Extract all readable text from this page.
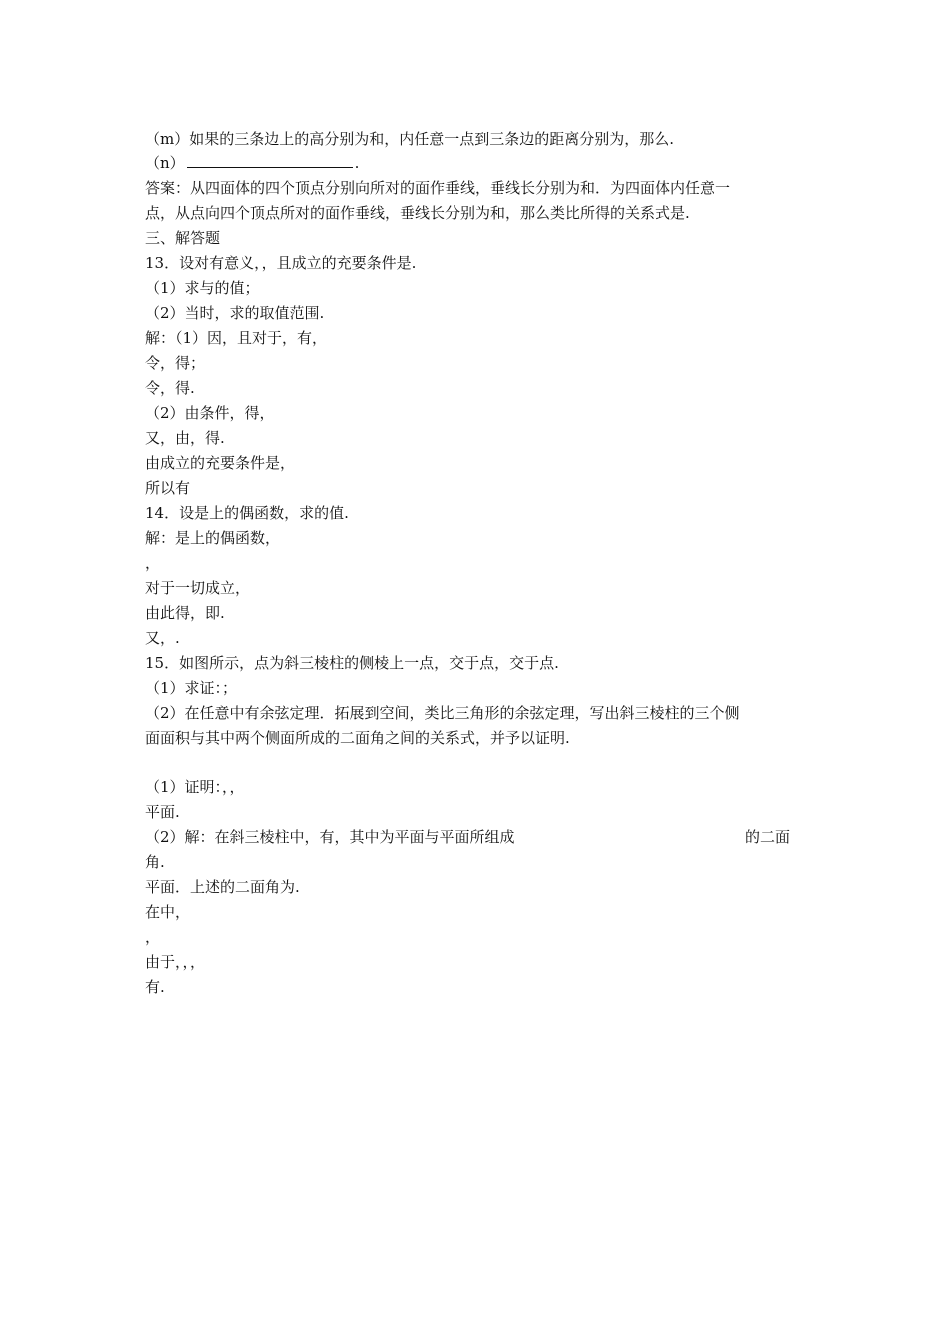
（m）如果的三条边上的高分别为和，内任意一点到三条边的距离分别为，那么.
（n）	.
答案：从四面体的四个顶点分别向所对的面作垂线，垂线长分别为和．为四面体内任意一
点，从点向四个顶点所对的面作垂线，垂线长分别为和，那么类比所得的关系式是.
三、解答题
13．设对有意义，，且成立的充要条件是.
（1）求与的值；
（2）当时，求的取值范围.
解：（1）因，且对于，有，
令，得；
令，得.
（2）由条件，得，
又，由，得.
由成立的充要条件是，
所以有
14．设是上的偶函数，求的值.
解：是上的偶函数，
，
对于一切成立，
由此得，即.
又，.
15．如图所示，点为斜三棱柱的侧棱上一点，交于点，交于点.
（1）求证：；
（2）在任意中有余弦定理．拓展到空间，类比三角形的余弦定理，写出斜三棱柱的三个侧
面面积与其中两个侧面所成的二面角之间的关系式，并予以证明.
（1）证明：，，
平面.
（2）解：在斜三棱柱中，有，其中为平面与平面所组成	的二面
角.
平面．上述的二面角为.
在中，
，
由于，，，
有.
